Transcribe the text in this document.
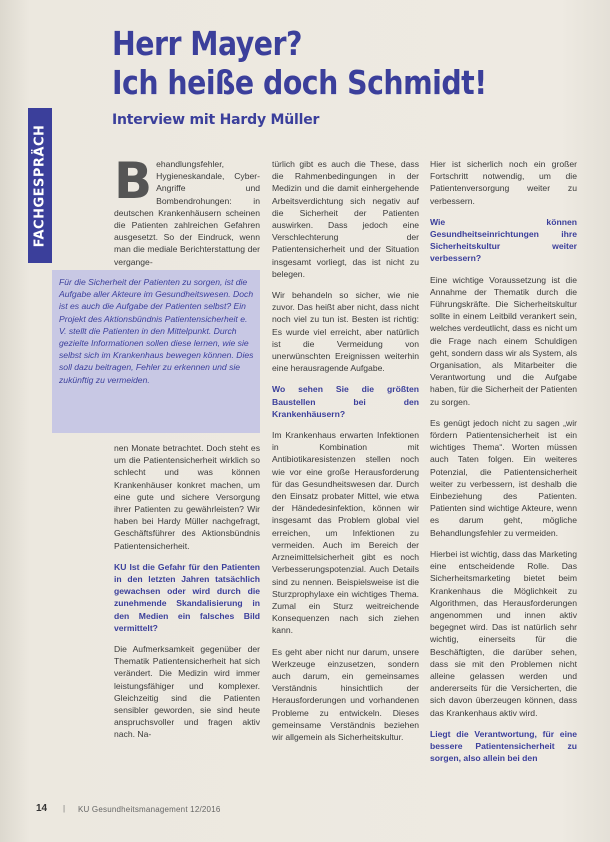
FACHGESPRÄCH
Herr Mayer?
Ich heiße doch Schmidt!
Interview mit Hardy Müller
Behandlungsfehler, Hygieneskandale, Cyber-Angriffe und Bombendrohungen: in deutschen Krankenhäusern scheinen die Patienten zahlreichen Gefahren ausgesetzt. So der Eindruck, wenn man die mediale Berichterstattung der vergange-
Für die Sicherheit der Patienten zu sorgen, ist die Aufgabe aller Akteure im Gesundheitswesen. Doch ist es auch die Aufgabe der Patienten selbst? Ein Projekt des Aktionsbündnis Patientensicherheit e. V. stellt die Patienten in den Mittelpunkt. Durch gezielte Informationen sollen diese lernen, wie sie selbst sich im Krankenhaus bewegen können. Dies soll dazu beitragen, Fehler zu erkennen und sie zukünftig zu vermeiden.

nen Monate betrachtet. Doch steht es um die Patientensicherheit wirklich so schlecht und was können Krankenhäuser konkret machen, um eine gute und sichere Versorgung ihrer Patienten zu gewährleisten? Wir haben bei Hardy Müller nachgefragt, Geschäftsführer des Aktionsbündnis Patientensicherheit.

KU Ist die Gefahr für den Patienten in den letzten Jahren tatsächlich gewachsen oder wird durch die zunehmende Skandalisierung in den Medien ein falsches Bild vermittelt?

Die Aufmerksamkeit gegenüber der Thematik Patientensicherheit hat sich verändert. Die Medizin wird immer leistungsfähiger und komplexer. Gleichzeitig sind die Patienten sensibler geworden, sie sind heute anspruchsvoller und fragen aktiv nach. Na-

türlich gibt es auch die These, dass die Rahmenbedingungen in der Medizin und die damit einhergehende Arbeitsverdichtung sich negativ auf die Sicherheit der Patienten auswirken. Dass jedoch eine Verschlechterung der Patientensicherheit und der Situation insgesamt vorliegt, das ist nicht zu belegen.

Wir behandeln so sicher, wie nie zuvor. Das heißt aber nicht, dass nicht noch viel zu tun ist. Besten ist richtig: Es wurde viel erreicht, aber natürlich ist die Vermeidung von unerwünschten Ereignissen weiterhin eine herausragende Aufgabe.

Wo sehen Sie die größten Baustellen bei den Krankenhäusern?

Im Krankenhaus erwarten Infektionen in Kombination mit Antibiotikaresistenzen stellen noch wie vor eine große Herausforderung für das Gesundheitswesen dar. Durch den Einsatz probater Mittel, wie etwa der Händedesinfektion, können wir insgesamt das Problem global viel erreichen, um Infektionen zu vermeiden. Auch im Bereich der Arzneimittelsicherheit gibt es noch Verbesserungspotenzial. Auch Details sind zu nennen. Beispielsweise ist die Sturzprophylaxe ein wichtiges Thema. Zumal ein Sturz weitreichende Konsequenzen nach sich ziehen kann.

Es geht aber nicht nur darum, unsere Werkzeuge einzusetzen, sondern auch darum, ein gemeinsames Verständnis hinsichtlich der Herausforderungen und vorhandenen Probleme zu entwickeln. Dieses gemeinsame Verständnis beziehen wir allgemein als Sicherheitskultur.

Hier ist sicherlich noch ein großer Fortschritt notwendig, um die Patientenversorgung weiter zu verbessern.

Wie können Gesundheitseinrichtungen ihre Sicherheitskultur weiter verbessern?

Eine wichtige Voraussetzung ist die Annahme der Thematik durch die Führungskräfte. Die Sicherheitskultur sollte in einem Leitbild verankert sein, welches verdeutlicht, dass es nicht um die Frage nach einem Schuldigen geht, sondern dass wir als System, als Organisation, als Mitarbeiter die Verantwortung und die Aufgabe haben, für die Sicherheit der Patienten zu sorgen.

Es genügt jedoch nicht zu sagen „wir fördern Patientensicherheit ist ein wichtiges Thema“. Worten müssen auch Taten folgen. Ein weiteres Potenzial, die Patientensicherheit weiter zu verbessern, ist deshalb die Einbeziehung des Patienten. Patienten sind wichtige Akteure, wenn es darum geht, mögliche Behandlungsfehler zu vermeiden.

Hierbei ist wichtig, dass das Marketing eine entscheidende Rolle. Das Sicherheitsmarketing bietet beim Krankenhaus die Möglichkeit zu Algorithmen, das Herausforderungen angenommen und innen aktiv begegnet wird. Das ist natürlich sehr wichtig, einerseits für die Beschäftigten, die darüber sehen, dass sie mit den Problemen nicht alleine gelassen werden und andererseits für die Versicherten, die sich davon überzeugen können, dass das Krankenhaus aktiv wird.

Liegt die Verantwortung, für eine bessere Patientensicherheit zu sorgen, also allein bei den

14 | KU Gesundheitsmanagement 12/2016
